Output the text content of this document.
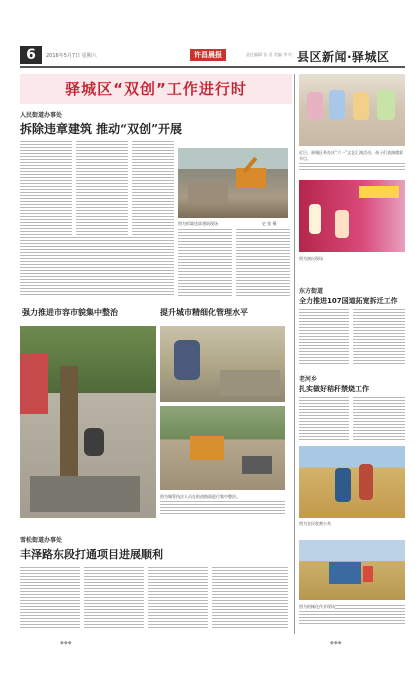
6	2016年5月7日 星期六	许昌晨报	责任编辑 张 君 美编 李 红 县区新闻·驿城区
驿城区“双创”工作进行时
人民街道办事处
拆除违章建筑 推动“双创”开展
图为拆除违章建筑现场	史 张 摄
强力推进市容市貌集中整治	提升城市精细化管理水平
图为城管执法人员在街道路面进行集中整治。
雪松街道办事处
丰泽路东段打通项目进展顺利
近日，驿城区举办庆“六一”文艺汇演活动，孩子们表演精彩节目。
图为演出现场
东方街道
全力推进107国道拓宽拆迁工作
老河乡
扎实做好秸秆禁烧工作
图为农民收割小麦
图为机械化作业现场
◆◆◆	◆◆◆
